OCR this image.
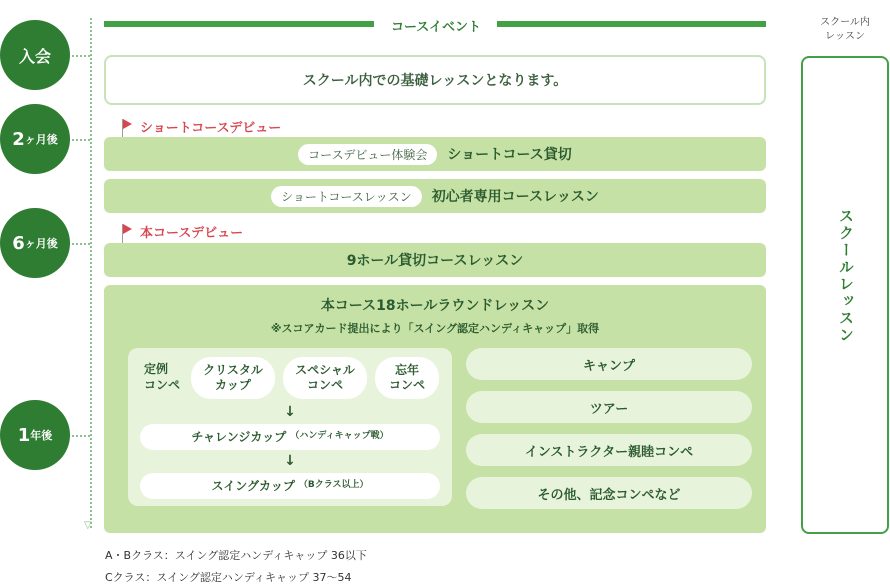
入会
2 ヶ月後
6 ヶ月後
1 年後
▽
コースイベント	スクール内
レッスン
スクール内での基礎レッスンとなります。
ショートコースデビュー
コースデビュー体験会	ショートコース貸切
ショートコースレッスン	初心者専用コースレッスン
本コースデビュー
9ホール貸切コースレッスン
本コース18ホールラウンドレッスン
※スコアカード提出により「スイング認定ハンディキャップ」取得
定例
コンペ
クリスタル
カップ
スペシャル
コンペ
忘年
コンペ
↓
チャレンジカップ （ハンディキャップ戦）
↓
スイングカップ （Bクラス以上）
キャンプ
ツアー
インストラクター親睦コンペ
その他、記念コンペなど
スクールレッスン
A・Bクラス：スイング認定ハンディキャップ 36以下
Cクラス：スイング認定ハンディキャップ 37〜54
